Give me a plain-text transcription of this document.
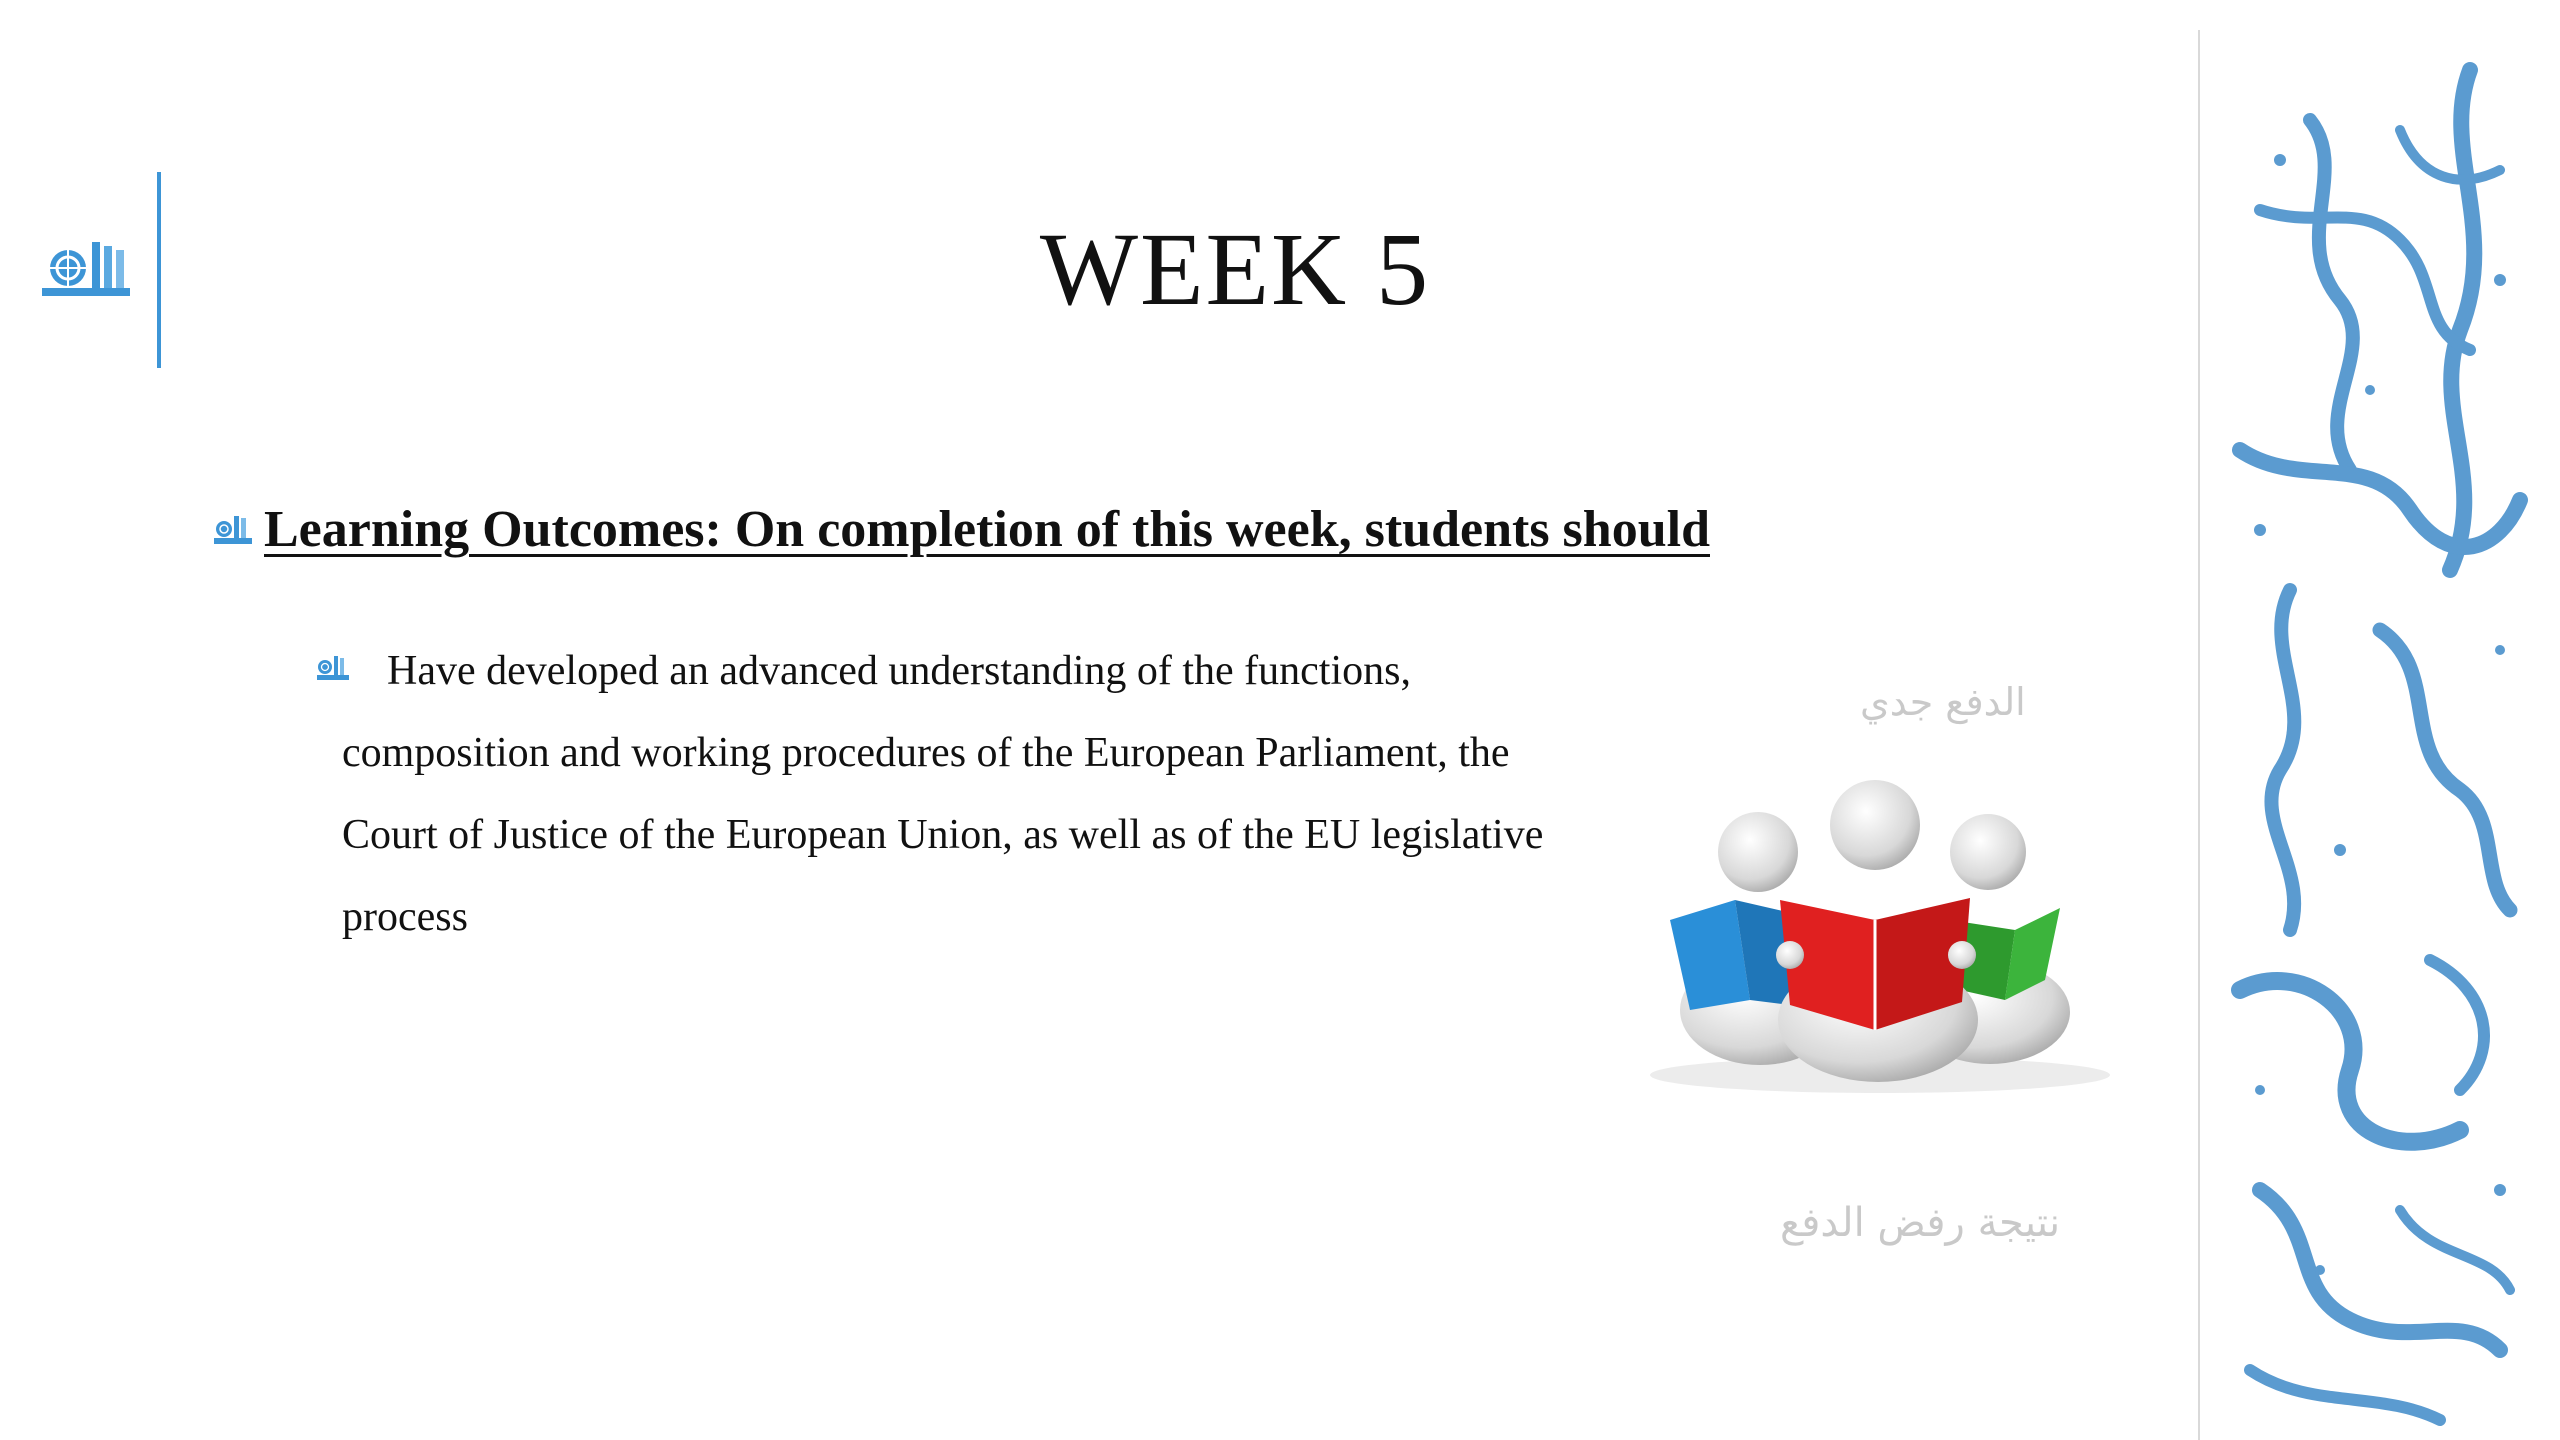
WEEK 5
Learning Outcomes: On completion of this week, students should

Have developed an advanced understanding of the functions, composition and working procedures of the European Parliament, the Court of Justice of the European Union, as well as of the EU legislative process

الدفع جدي
نتيجة رفض الدفع
